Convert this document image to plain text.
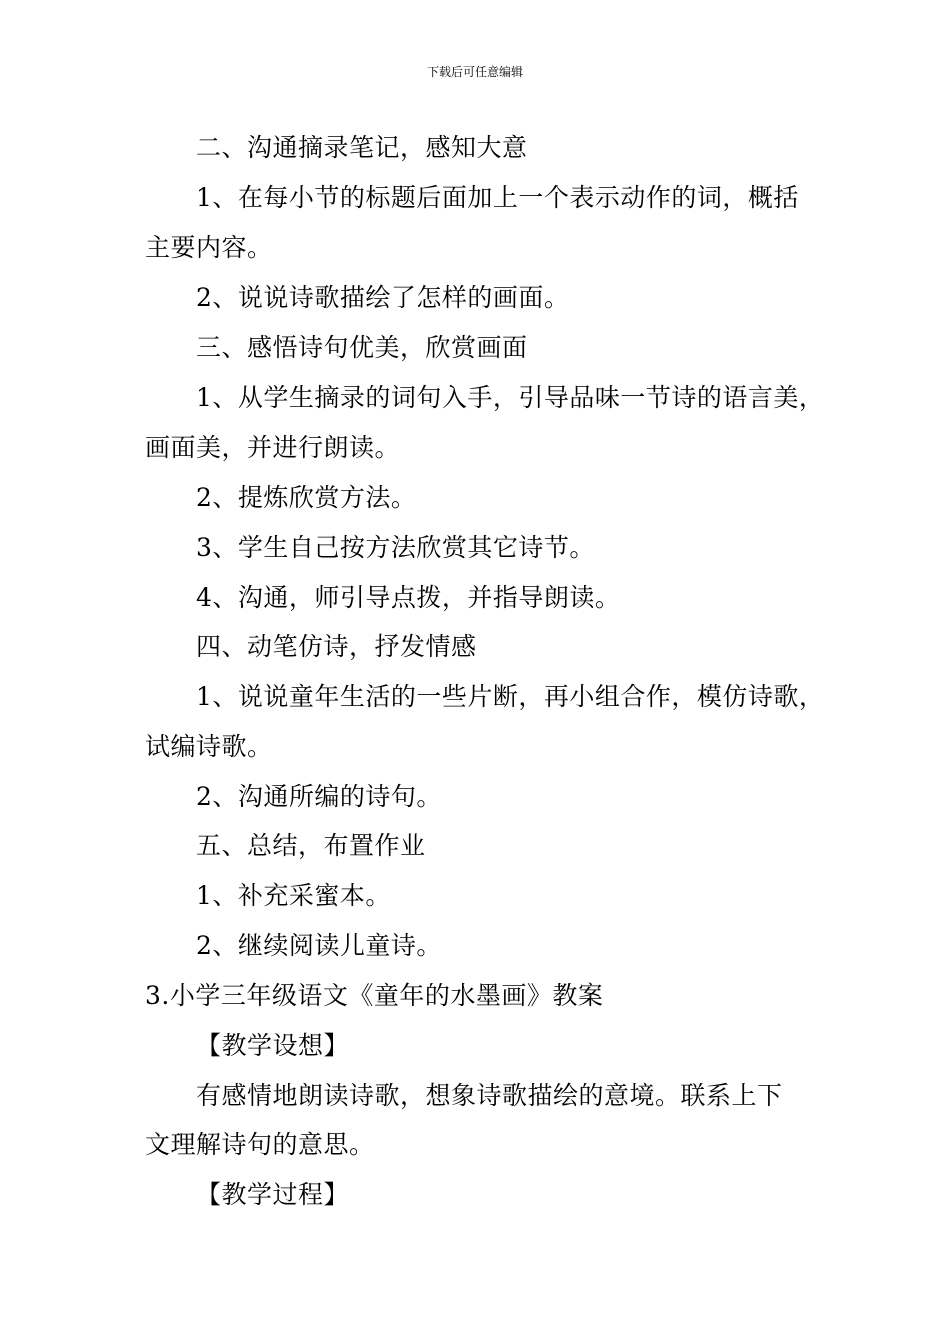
下载后可任意编辑
二、沟通摘录笔记，感知大意
1、在每小节的标题后面加上一个表示动作的词，概括
主要内容。
2、说说诗歌描绘了怎样的画面。
三、感悟诗句优美，欣赏画面
1、从学生摘录的词句入手，引导品味一节诗的语言美，
画面美，并进行朗读。
2、提炼欣赏方法。
3、学生自己按方法欣赏其它诗节。
4、沟通，师引导点拨，并指导朗读。
四、动笔仿诗，抒发情感
1、说说童年生活的一些片断，再小组合作，模仿诗歌，
试编诗歌。
2、沟通所编的诗句。
五、总结，布置作业
1、补充采蜜本。
2、继续阅读儿童诗。
3.小学三年级语文《童年的水墨画》教案
【教学设想】
有感情地朗读诗歌，想象诗歌描绘的意境。联系上下
文理解诗句的意思。
【教学过程】
